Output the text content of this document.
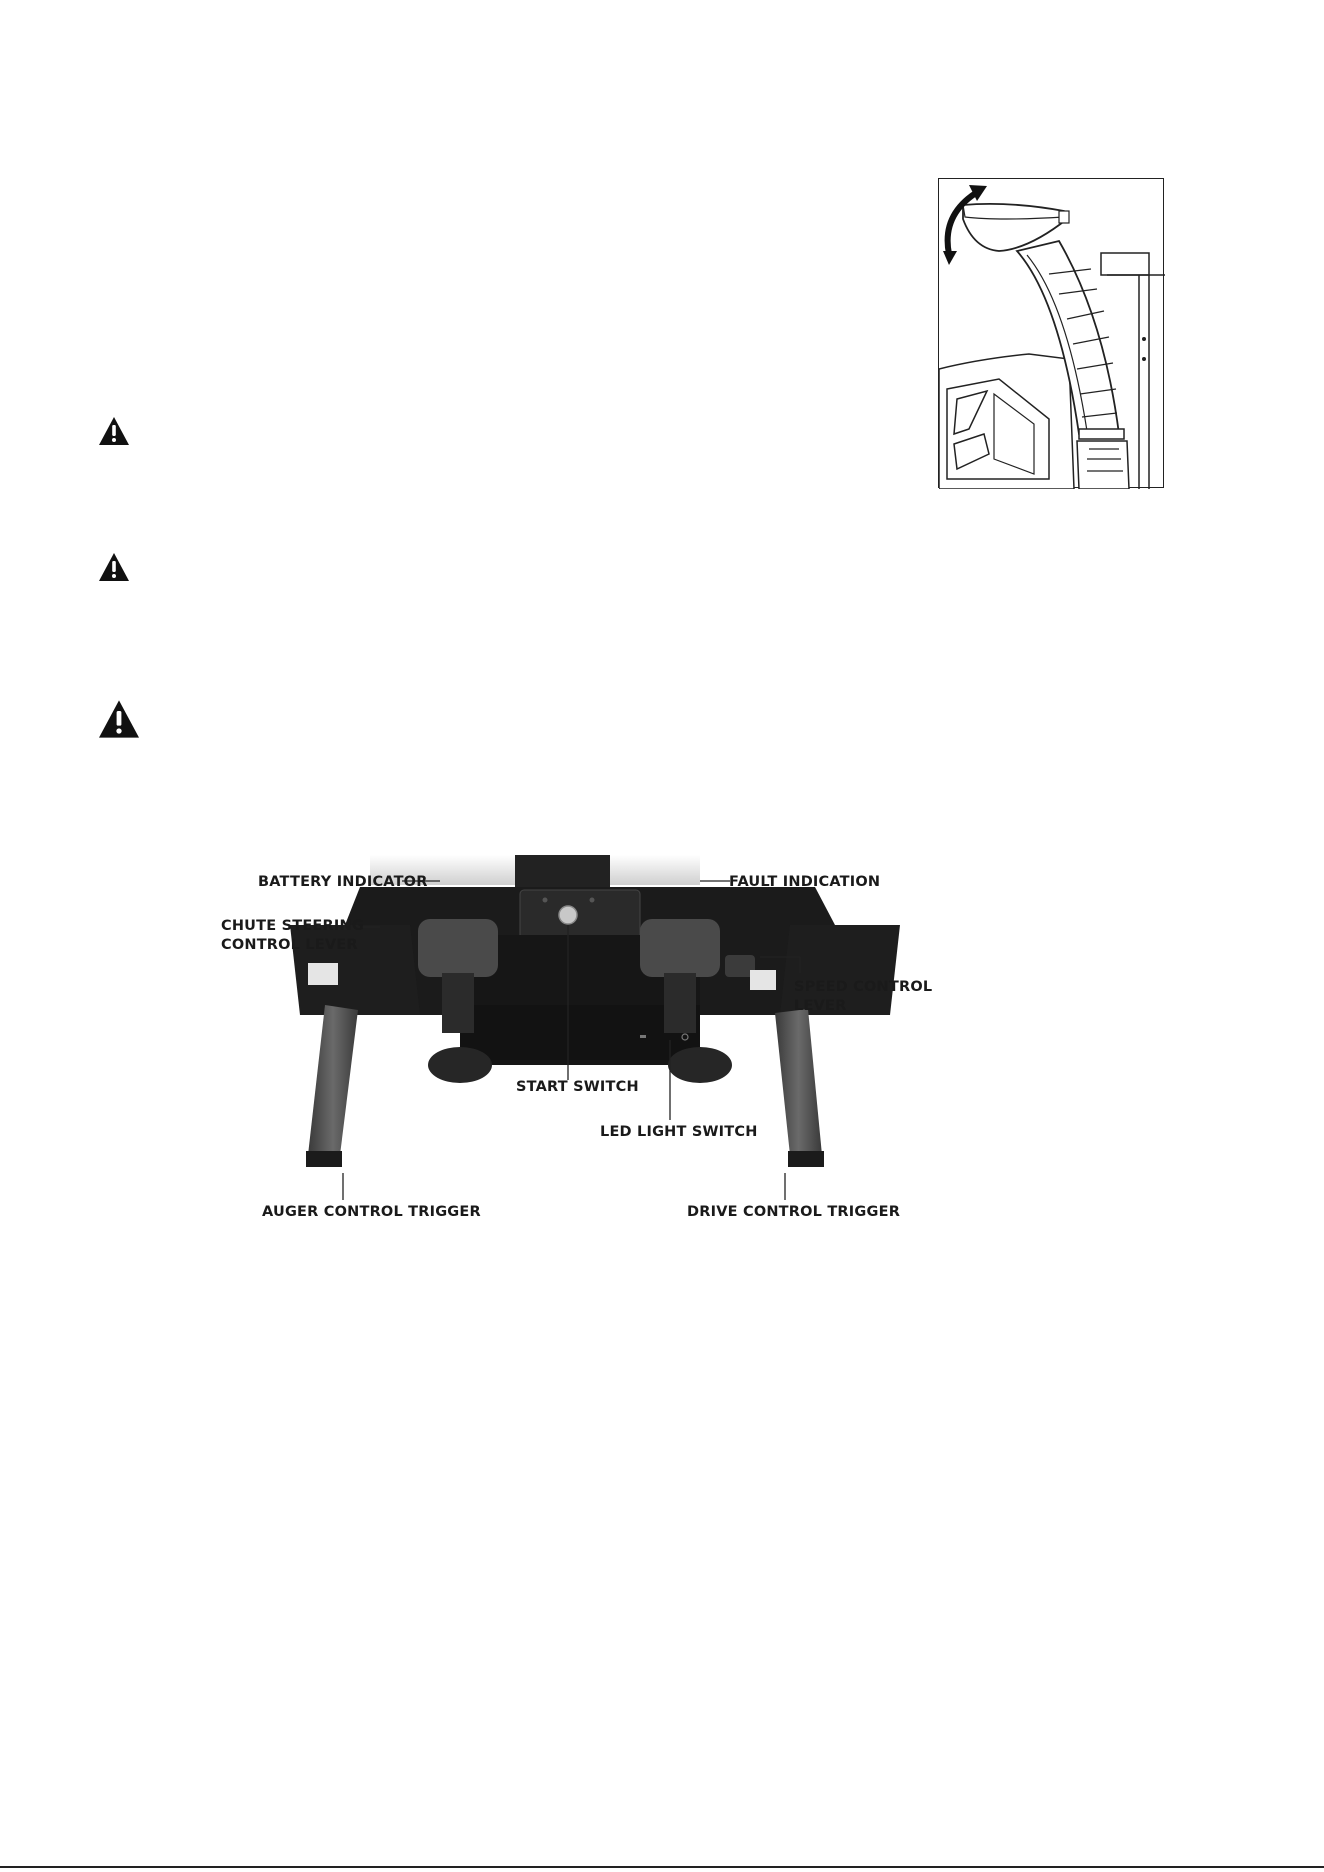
BATTERY INDICATOR	FAULT INDICATION
CHUTE STEERING
CONTROL LEVER
SPEED CONTROL
LEVER
START SWITCH
LED LIGHT SWITCH
AUGER CONTROL TRIGGER	DRIVE CONTROL TRIGGER
